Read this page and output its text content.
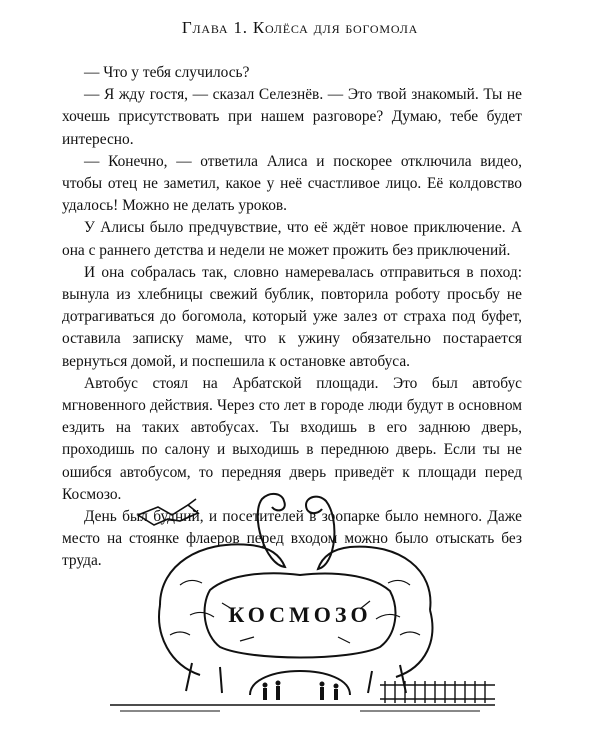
Глава 1. Колёса для богомола

— Что у тебя случилось?

— Я жду гостя, — сказал Селезнёв. — Это твой знакомый. Ты не хочешь присутствовать при нашем разговоре? Думаю, тебе будет интересно.

— Конечно, — ответила Алиса и поскорее отключила видео, чтобы отец не заметил, какое у неё счастливое лицо. Её колдовство удалось! Можно не делать уроков.

У Алисы было предчувствие, что её ждёт новое приключение. А она с раннего детства и недели не может прожить без приключений.

И она собралась так, словно намеревалась отправиться в поход: вынула из хлебницы свежий бублик, повторила роботу просьбу не дотрагиваться до богомола, который уже залез от страха под буфет, оставила записку маме, что к ужину обязательно постарается вернуться домой, и поспешила к остановке автобуса.

Автобус стоял на Арбатской площади. Это был автобус мгновенного действия. Через сто лет в городе люди будут в основном ездить на таких автобусах. Ты входишь в его заднюю дверь, проходишь по салону и выходишь в переднюю дверь. Если ты не ошибся автобусом, то передняя дверь приведёт к площади перед Космозо.

День был будний, и посетителей в зоопарке было немного. Даже место на стоянке флаеров перед входом можно было отыскать без труда.

КОСМОЗО
